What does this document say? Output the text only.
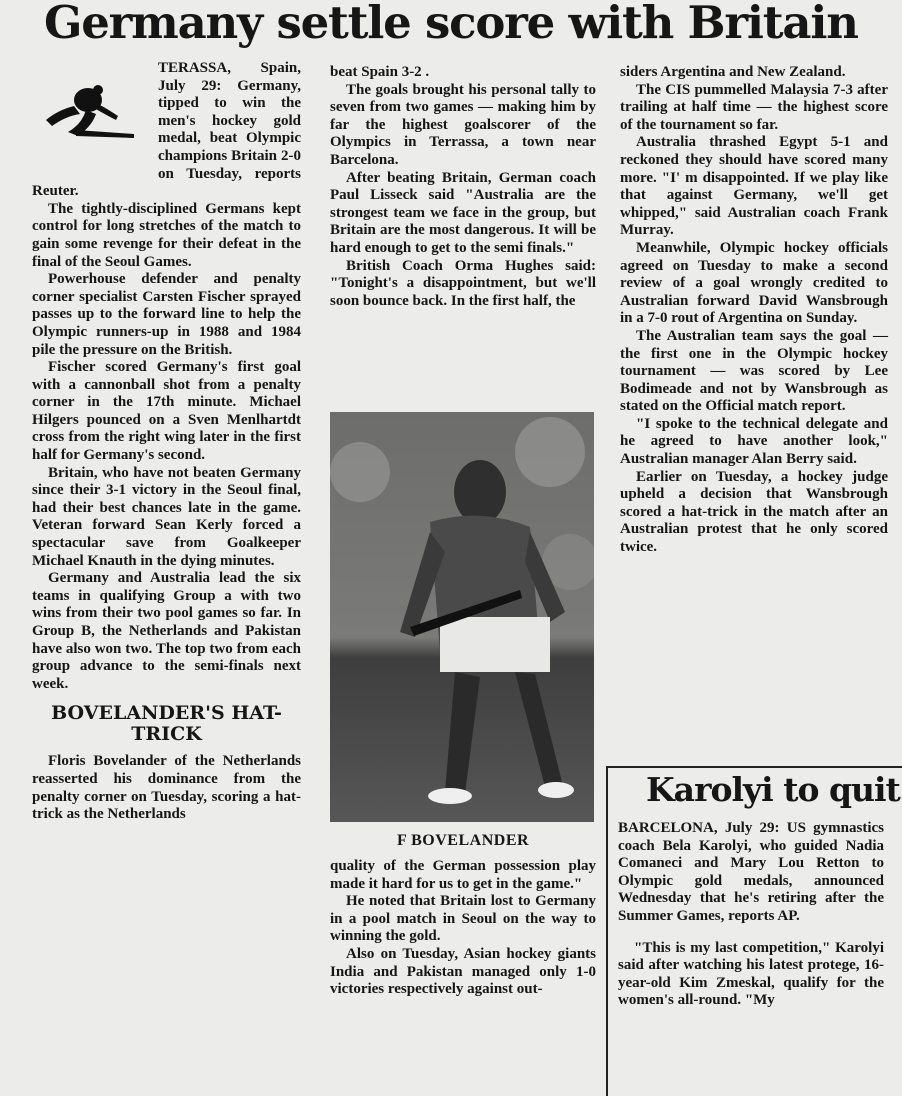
Germany settle score with Britain

TERASSA, Spain, July 29: Germany, tipped to win the men's hockey gold medal, beat Olympic champions Britain 2-0 on Tuesday, reports Reuter.

The tightly-disciplined Germans kept control for long stretches of the match to gain some revenge for their defeat in the final of the Seoul Games.

Powerhouse defender and penalty corner specialist Carsten Fischer sprayed passes up to the forward line to help the Olympic runners-up in 1988 and 1984 pile the pressure on the British.

Fischer scored Germany's first goal with a cannonball shot from a penalty corner in the 17th minute. Michael Hilgers pounced on a Sven Menlhartdt cross from the right wing later in the first half for Germany's second.

Britain, who have not beaten Germany since their 3-1 victory in the Seoul final, had their best chances late in the game. Veteran forward Sean Kerly forced a spectacular save from Goalkeeper Michael Knauth in the dying minutes.

Germany and Australia lead the six teams in qualifying Group a with two wins from their two pool games so far. In Group B, the Netherlands and Pakistan have also won two. The top two from each group advance to the semi-finals next week.

BOVELANDER'S HAT-TRICK

Floris Bovelander of the Netherlands reasserted his dominance from the penalty corner on Tuesday, scoring a hat-trick as the Netherlands

beat Spain 3-2 .

The goals brought his personal tally to seven from two games — making him by far the highest goalscorer of the Olympics in Terrassa, a town near Barcelona.

After beating Britain, German coach Paul Lisseck said "Australia are the strongest team we face in the group, but Britain are the most dangerous. It will be hard enough to get to the semi finals."

British Coach Orma Hughes said: "Tonight's a disappointment, but we'll soon bounce back. In the first half, the

F BOVELANDER

quality of the German possession play made it hard for us to get in the game."

He noted that Britain lost to Germany in a pool match in Seoul on the way to winning the gold.

Also on Tuesday, Asian hockey giants India and Pakistan managed only 1-0 victories respectively against out-

siders Argentina and New Zealand.

The CIS pummelled Malaysia 7-3 after trailing at half time — the highest score of the tournament so far.

Australia thrashed Egypt 5-1 and reckoned they should have scored many more. "I' m disappointed. If we play like that against Germany, we'll get whipped," said Australian coach Frank Murray.

Meanwhile, Olympic hockey officials agreed on Tuesday to make a second review of a goal wrongly credited to Australian forward David Wansbrough in a 7-0 rout of Argentina on Sunday.

The Australian team says the goal — the first one in the Olympic hockey tournament — was scored by Lee Bodimeade and not by Wansbrough as stated on the Official match report.

"I spoke to the technical delegate and he agreed to have another look," Australian manager Alan Berry said.

Earlier on Tuesday, a hockey judge upheld a decision that Wansbrough scored a hat-trick in the match after an Australian protest that he only scored twice.

Karolyi to quit

BARCELONA, July 29: US gymnastics coach Bela Karolyi, who guided Nadia Comaneci and Mary Lou Retton to Olympic gold medals, announced Wednesday that he's retiring after the Summer Games, reports AP.

"This is my last competition," Karolyi said after watching his latest protege, 16-year-old Kim Zmeskal, qualify for the women's all-round. "My
